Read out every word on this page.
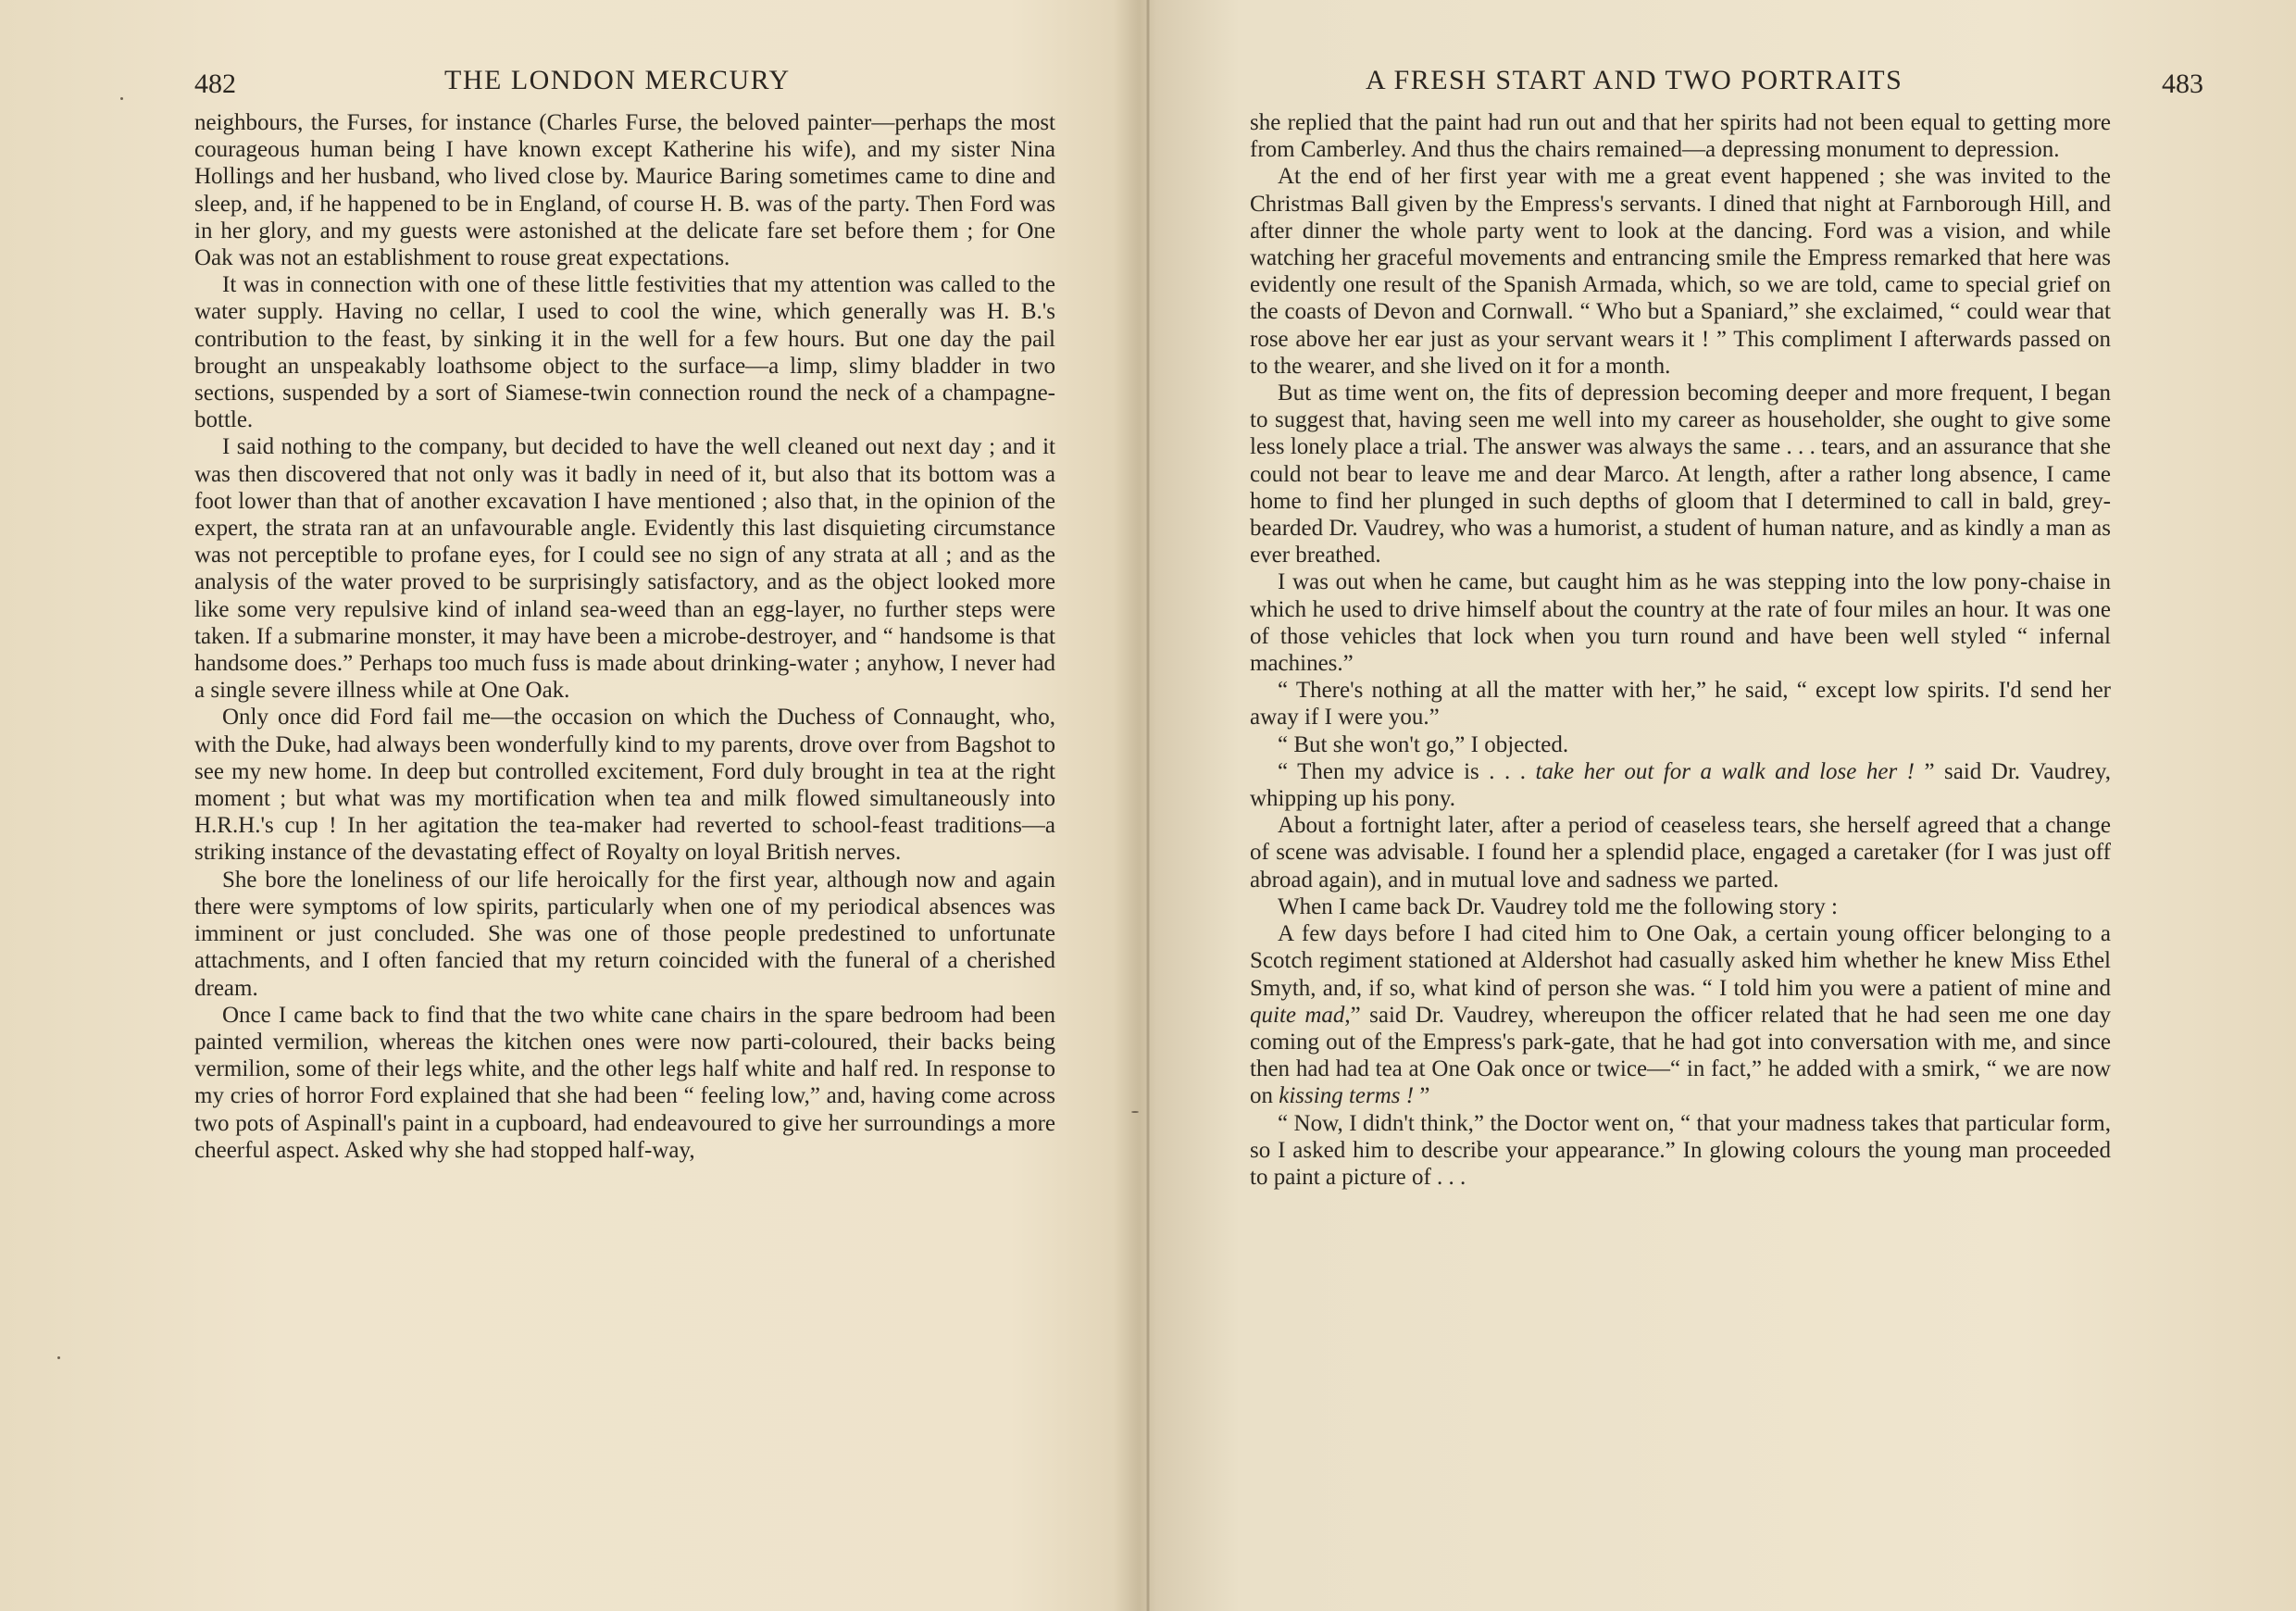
482	THE LONDON MERCURY

neighbours, the Furses, for instance (Charles Furse, the beloved painter—perhaps the most courageous human being I have known except Katherine his wife), and my sister Nina Hollings and her husband, who lived close by. Maurice Baring sometimes came to dine and sleep, and, if he happened to be in England, of course H. B. was of the party. Then Ford was in her glory, and my guests were astonished at the delicate fare set before them ; for One Oak was not an establishment to rouse great expectations.

It was in connection with one of these little festivities that my attention was called to the water supply. Having no cellar, I used to cool the wine, which generally was H. B.'s contribution to the feast, by sinking it in the well for a few hours. But one day the pail brought an unspeakably loathsome object to the surface—a limp, slimy bladder in two sections, suspended by a sort of Siamese-twin connection round the neck of a champagne-bottle.

I said nothing to the company, but decided to have the well cleaned out next day ; and it was then discovered that not only was it badly in need of it, but also that its bottom was a foot lower than that of another excavation I have mentioned ; also that, in the opinion of the expert, the strata ran at an unfavourable angle. Evidently this last disquieting circumstance was not perceptible to profane eyes, for I could see no sign of any strata at all ; and as the analysis of the water proved to be surprisingly satisfactory, and as the object looked more like some very repulsive kind of inland sea-weed than an egg-layer, no further steps were taken. If a submarine monster, it may have been a microbe-destroyer, and “ handsome is that handsome does.” Perhaps too much fuss is made about drinking-water ; anyhow, I never had a single severe illness while at One Oak.

Only once did Ford fail me—the occasion on which the Duchess of Connaught, who, with the Duke, had always been wonderfully kind to my parents, drove over from Bagshot to see my new home. In deep but controlled excitement, Ford duly brought in tea at the right moment ; but what was my mortification when tea and milk flowed simultaneously into H.R.H.'s cup ! In her agitation the tea-maker had reverted to school-feast traditions—a striking instance of the devastating effect of Royalty on loyal British nerves.

She bore the loneliness of our life heroically for the first year, although now and again there were symptoms of low spirits, particularly when one of my periodical absences was imminent or just concluded. She was one of those people predestined to unfortunate attachments, and I often fancied that my return coincided with the funeral of a cherished dream.

Once I came back to find that the two white cane chairs in the spare bedroom had been painted vermilion, whereas the kitchen ones were now parti-coloured, their backs being vermilion, some of their legs white, and the other legs half white and half red. In response to my cries of horror Ford explained that she had been “ feeling low,” and, having come across two pots of Aspinall's paint in a cupboard, had endeavoured to give her surroundings a more cheerful aspect. Asked why she had stopped half-way,

A FRESH START AND TWO PORTRAITS	483

she replied that the paint had run out and that her spirits had not been equal to getting more from Camberley. And thus the chairs remained—a depressing monument to depression.

At the end of her first year with me a great event happened ; she was invited to the Christmas Ball given by the Empress's servants. I dined that night at Farnborough Hill, and after dinner the whole party went to look at the dancing. Ford was a vision, and while watching her graceful movements and entrancing smile the Empress remarked that here was evidently one result of the Spanish Armada, which, so we are told, came to special grief on the coasts of Devon and Cornwall. “ Who but a Spaniard,” she exclaimed, “ could wear that rose above her ear just as your servant wears it ! ” This compliment I afterwards passed on to the wearer, and she lived on it for a month.

But as time went on, the fits of depression becoming deeper and more frequent, I began to suggest that, having seen me well into my career as householder, she ought to give some less lonely place a trial. The answer was always the same . . . tears, and an assurance that she could not bear to leave me and dear Marco. At length, after a rather long absence, I came home to find her plunged in such depths of gloom that I determined to call in bald, grey-bearded Dr. Vaudrey, who was a humorist, a student of human nature, and as kindly a man as ever breathed.

I was out when he came, but caught him as he was stepping into the low pony-chaise in which he used to drive himself about the country at the rate of four miles an hour. It was one of those vehicles that lock when you turn round and have been well styled “ infernal machines.”

“ There's nothing at all the matter with her,” he said, “ except low spirits. I'd send her away if I were you.”

“ But she won't go,” I objected.

“ Then my advice is . . . take her out for a walk and lose her ! ” said Dr. Vaudrey, whipping up his pony.

About a fortnight later, after a period of ceaseless tears, she herself agreed that a change of scene was advisable. I found her a splendid place, engaged a caretaker (for I was just off abroad again), and in mutual love and sadness we parted.

When I came back Dr. Vaudrey told me the following story :

A few days before I had cited him to One Oak, a certain young officer belonging to a Scotch regiment stationed at Aldershot had casually asked him whether he knew Miss Ethel Smyth, and, if so, what kind of person she was. “ I told him you were a patient of mine and quite mad,” said Dr. Vaudrey, whereupon the officer related that he had seen me one day coming out of the Empress's park-gate, that he had got into conversation with me, and since then had had tea at One Oak once or twice—“ in fact,” he added with a smirk, “ we are now on kissing terms ! ”

“ Now, I didn't think,” the Doctor went on, “ that your madness takes that particular form, so I asked him to describe your appearance.” In glowing colours the young man proceeded to paint a picture of . . .
